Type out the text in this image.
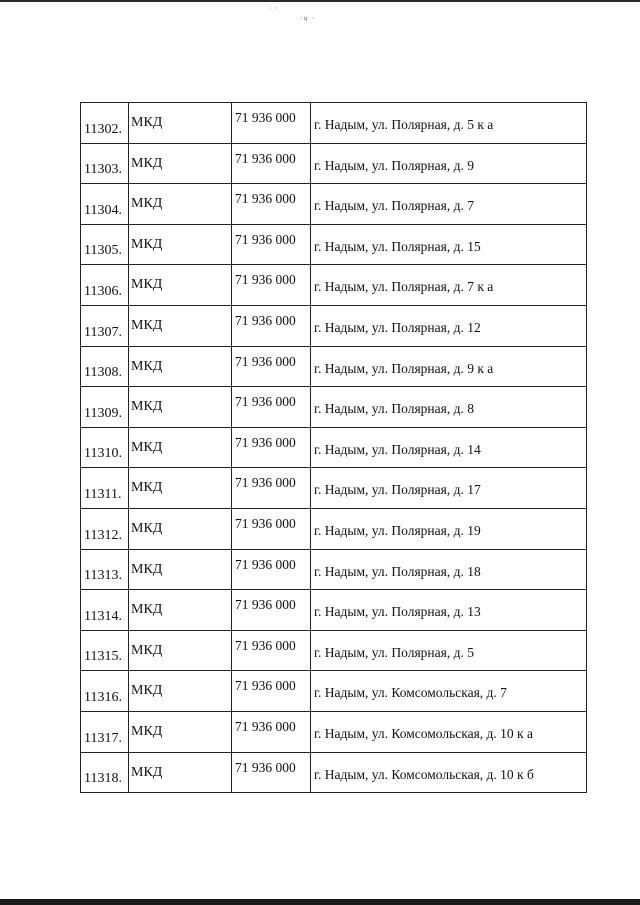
· ·
·ч ·
11302.	МКД	71 936 000	г. Надым, ул. Полярная, д. 5 к а

11303.	МКД	71 936 000	г. Надым, ул. Полярная, д. 9

11304.	МКД	71 936 000	г. Надым, ул. Полярная, д. 7

11305.	МКД	71 936 000	г. Надым, ул. Полярная, д. 15

11306.	МКД	71 936 000	г. Надым, ул. Полярная, д. 7 к а

11307.	МКД	71 936 000	г. Надым, ул. Полярная, д. 12

11308.	МКД	71 936 000	г. Надым, ул. Полярная, д. 9 к а

11309.	МКД	71 936 000	г. Надым, ул. Полярная, д. 8

11310.	МКД	71 936 000	г. Надым, ул. Полярная, д. 14

11311.	МКД	71 936 000	г. Надым, ул. Полярная, д. 17

11312.	МКД	71 936 000	г. Надым, ул. Полярная, д. 19

11313.	МКД	71 936 000	г. Надым, ул. Полярная, д. 18

11314.	МКД	71 936 000	г. Надым, ул. Полярная, д. 13

11315.	МКД	71 936 000	г. Надым, ул. Полярная, д. 5

11316.	МКД	71 936 000	г. Надым, ул. Комсомольская, д. 7

11317.	МКД	71 936 000	г. Надым, ул. Комсомольская, д. 10 к а

11318.	МКД	71 936 000	г. Надым, ул. Комсомольская, д. 10 к б
